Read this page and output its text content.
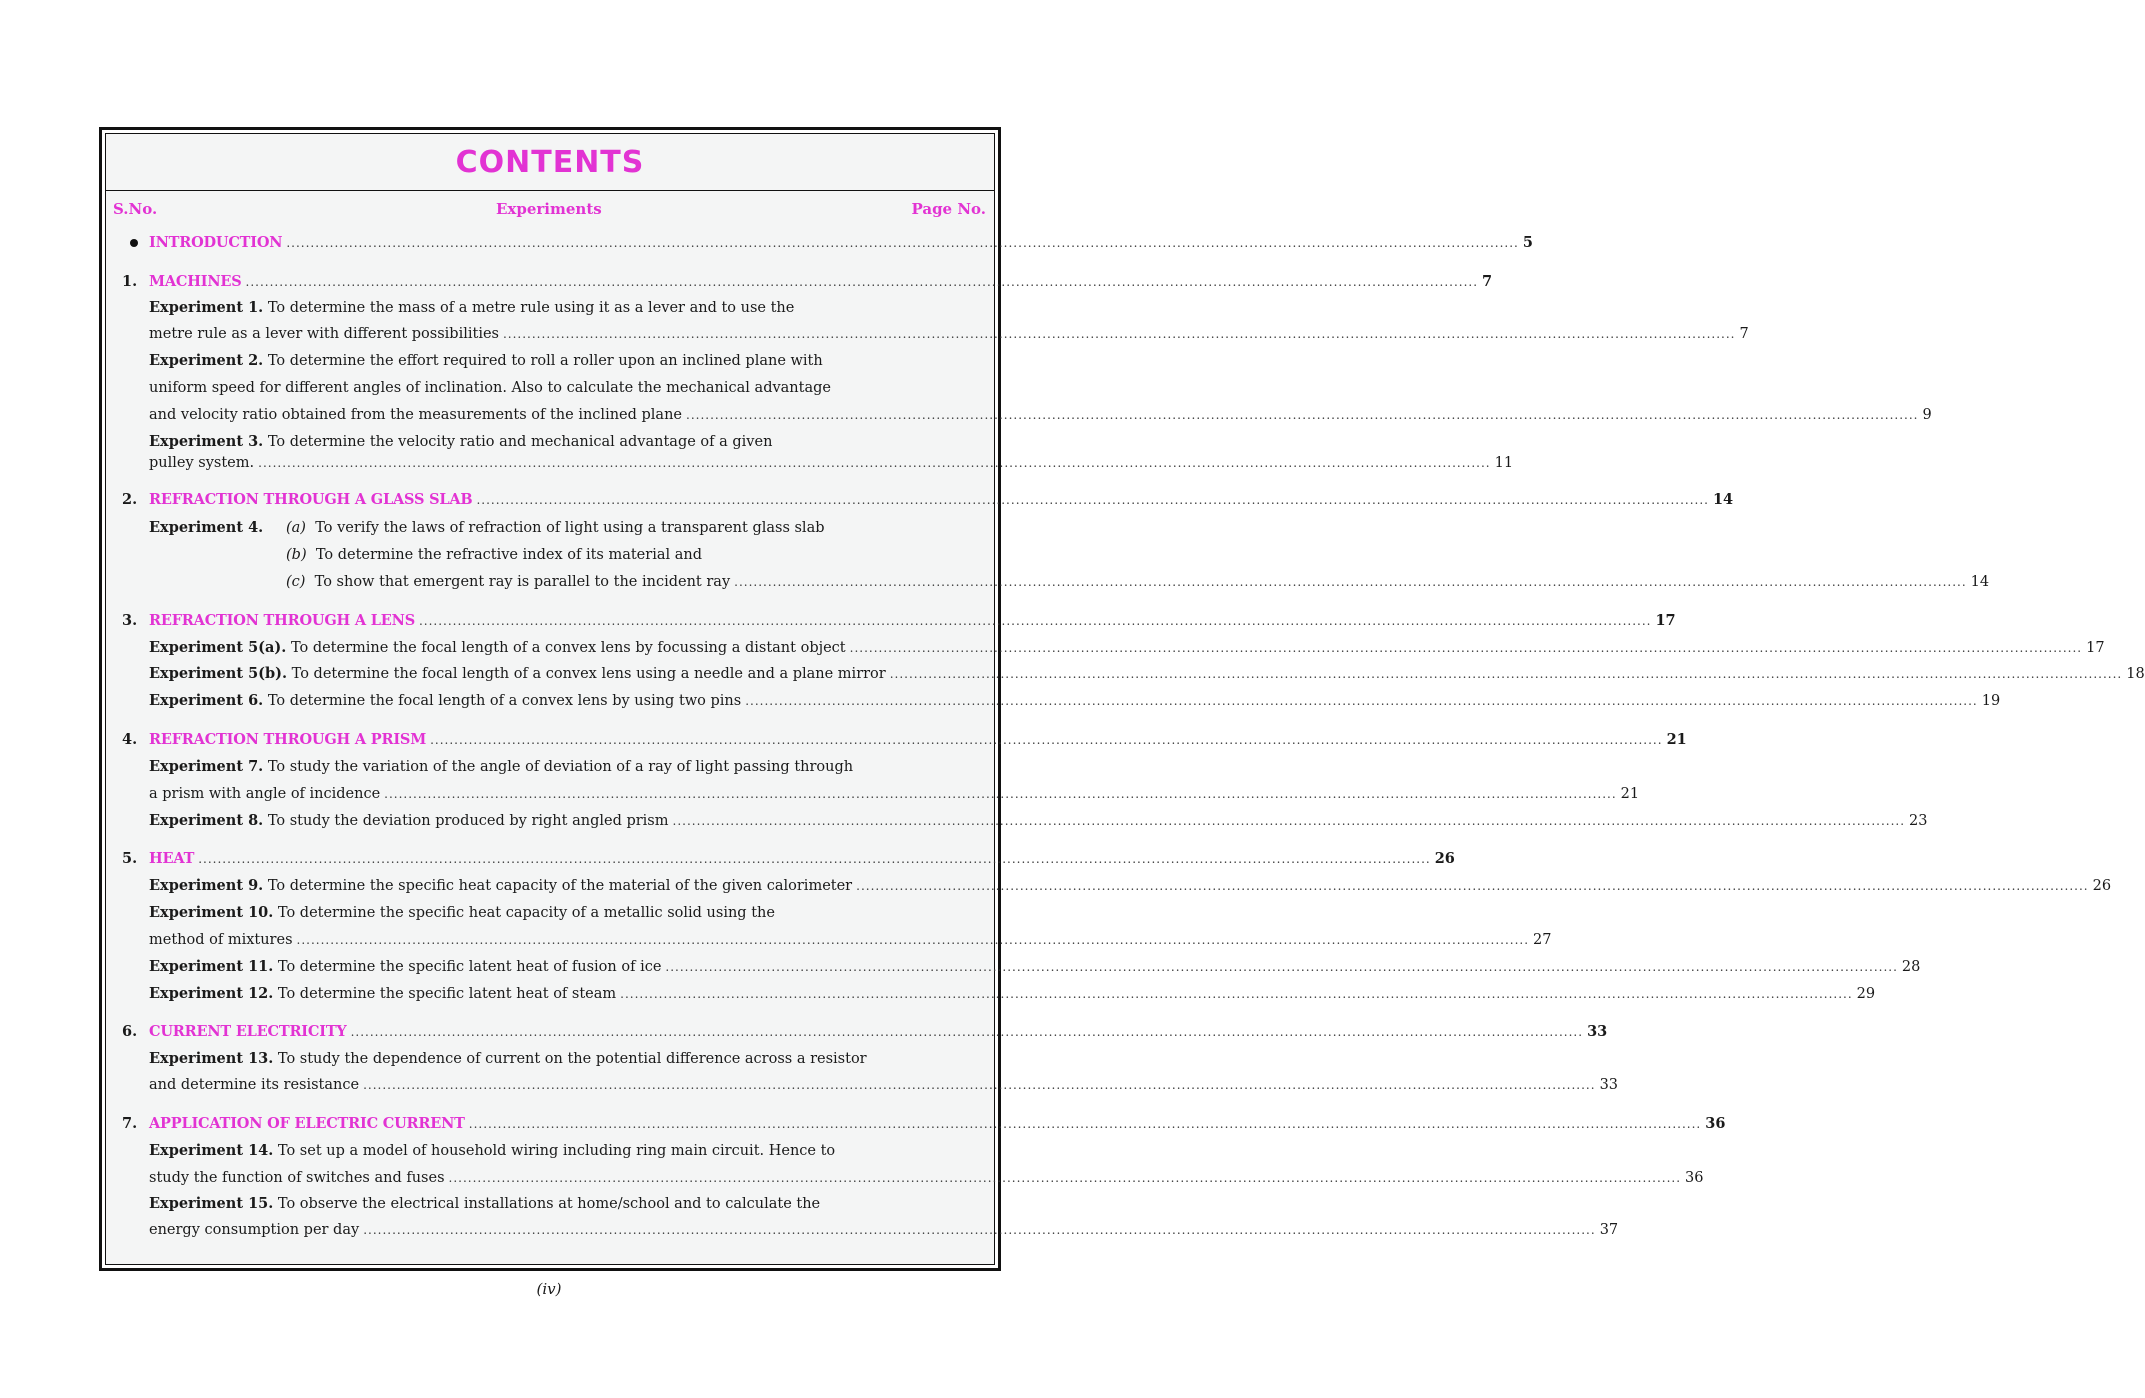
CONTENTS
S.No.	Experiments	Page No.
INTRODUCTION ................................................................................................................................................................................................................................................................ 5
1. MACHINES ................................................................................................................................................................................................................................................................ 7
Experiment 1. To determine the mass of a metre rule using it as a lever and to use the
metre rule as a lever with different possibilities ................................................................................................................................................................................................................................................................ 7
Experiment 2. To determine the effort required to roll a roller upon an inclined plane with
uniform speed for different angles of inclination. Also to calculate the mechanical advantage
and velocity ratio obtained from the measurements of the inclined plane ................................................................................................................................................................................................................................................................ 9
Experiment 3. To determine the velocity ratio and mechanical advantage of a given
pulley system. ................................................................................................................................................................................................................................................................ 11
2. REFRACTION THROUGH A GLASS SLAB ................................................................................................................................................................................................................................................................ 14
Experiment 4. (a) To verify the laws of refraction of light using a transparent glass slab
(b) To determine the refractive index of its material and
(c) To show that emergent ray is parallel to the incident ray ................................................................................................................................................................................................................................................................ 14
3. REFRACTION THROUGH A LENS ................................................................................................................................................................................................................................................................ 17
Experiment 5(a). To determine the focal length of a convex lens by focussing a distant object ................................................................................................................................................................................................................................................................ 17
Experiment 5(b). To determine the focal length of a convex lens using a needle and a plane mirror ................................................................................................................................................................................................................................................................ 18
Experiment 6. To determine the focal length of a convex lens by using two pins ................................................................................................................................................................................................................................................................ 19
4. REFRACTION THROUGH A PRISM ................................................................................................................................................................................................................................................................ 21
Experiment 7. To study the variation of the angle of deviation of a ray of light passing through
a prism with angle of incidence ................................................................................................................................................................................................................................................................ 21
Experiment 8. To study the deviation produced by right angled prism ................................................................................................................................................................................................................................................................ 23
5. HEAT ................................................................................................................................................................................................................................................................ 26
Experiment 9. To determine the specific heat capacity of the material of the given calorimeter ................................................................................................................................................................................................................................................................ 26
Experiment 10. To determine the specific heat capacity of a metallic solid using the
method of mixtures ................................................................................................................................................................................................................................................................ 27
Experiment 11. To determine the specific latent heat of fusion of ice ................................................................................................................................................................................................................................................................ 28
Experiment 12. To determine the specific latent heat of steam ................................................................................................................................................................................................................................................................ 29
6. CURRENT ELECTRICITY ................................................................................................................................................................................................................................................................ 33
Experiment 13. To study the dependence of current on the potential difference across a resistor
and determine its resistance ................................................................................................................................................................................................................................................................ 33
7. APPLICATION OF ELECTRIC CURRENT ................................................................................................................................................................................................................................................................ 36
Experiment 14. To set up a model of household wiring including ring main circuit. Hence to
study the function of switches and fuses ................................................................................................................................................................................................................................................................ 36
Experiment 15. To observe the electrical installations at home/school and to calculate the
energy consumption per day ................................................................................................................................................................................................................................................................ 37
(iv)
